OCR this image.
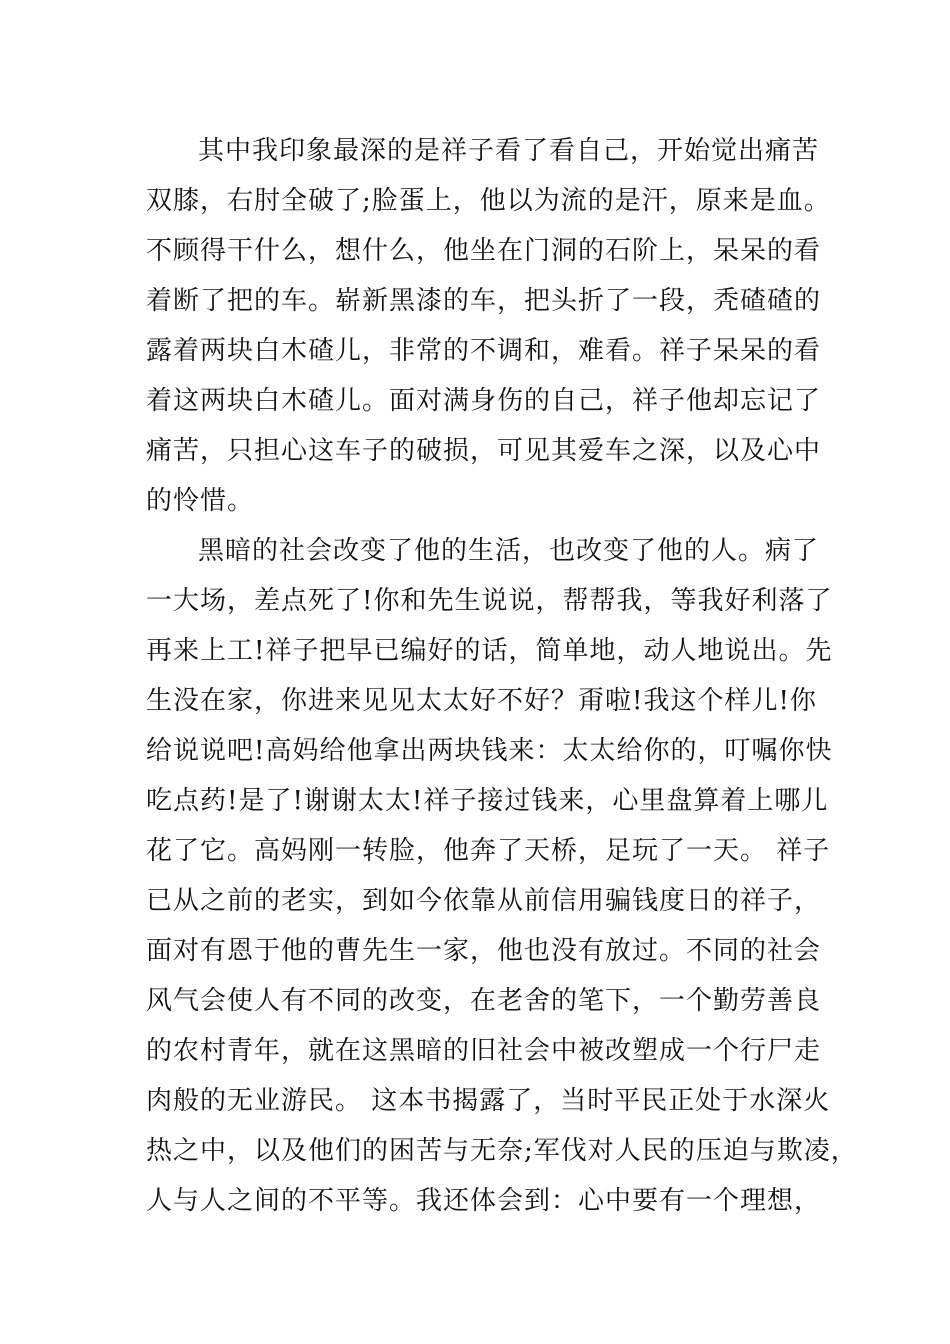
其中我印象最深的是祥子看了看自己，开始觉出痛苦
双膝，右肘全破了;脸蛋上，他以为流的是汗，原来是血。
不顾得干什么，想什么，他坐在门洞的石阶上，呆呆的看
着断了把的车。崭新黑漆的车，把头折了一段，秃碴碴的
露着两块白木碴儿，非常的不调和，难看。祥子呆呆的看
着这两块白木碴儿。面对满身伤的自己，祥子他却忘记了
痛苦，只担心这车子的破损，可见其爱车之深，以及心中
的怜惜。
黑暗的社会改变了他的生活，也改变了他的人。病了
一大场，差点死了!你和先生说说，帮帮我，等我好利落了
再来上工!祥子把早已编好的话，简单地，动人地说出。先
生没在家，你进来见见太太好不好？甭啦!我这个样儿!你
给说说吧!高妈给他拿出两块钱来：太太给你的，叮嘱你快
吃点药!是了!谢谢太太!祥子接过钱来，心里盘算着上哪儿
花了它。高妈刚一转脸，他奔了天桥，足玩了一天。 祥子
已从之前的老实，到如今依靠从前信用骗钱度日的祥子，
面对有恩于他的曹先生一家，他也没有放过。不同的社会
风气会使人有不同的改变，在老舍的笔下，一个勤劳善良
的农村青年，就在这黑暗的旧社会中被改塑成一个行尸走
肉般的无业游民。 这本书揭露了，当时平民正处于水深火
热之中，以及他们的困苦与无奈;军伐对人民的压迫与欺凌，
人与人之间的不平等。我还体会到：心中要有一个理想，
